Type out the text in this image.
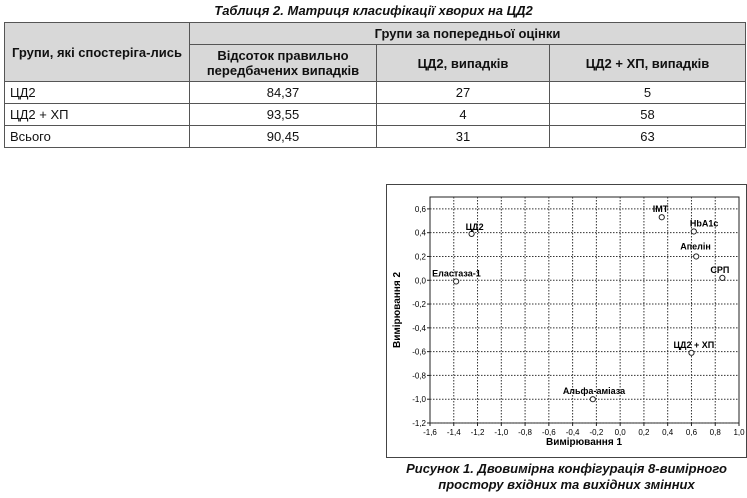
Таблиця 2. Матриця класифікації хворих на ЦД2
Групи, які спостеріга-лись	Групи за попередньої оцінки		
	Відсоток правильно передбачених випадків	ЦД2, випадків	ЦД2 + ХП, випадків
ЦД2	84,37	27	5
ЦД2 + ХП	93,55	4	58
Всього	90,45	31	63
-1,6 -1,4 -1,2 -1,0 -0,8 -0,6 -0,4 -0,2 0,0 0,2 0,4 0,6 0,8 1,0
0,6
0,4
0,2
0,0
-0,2
-0,4
-0,6
-0,8
-1,0
-1,2
ІМТ
HbA1c
ЦД2
Апелін
СРП
Еластаза-1
ЦД2 + ХП
Альфа-аміаза
Вимірювання 1
Вимірювання 2
Рисунок 1. Двовимірна конфігурація 8-вимірного
простору вхідних та вихідних змінних
